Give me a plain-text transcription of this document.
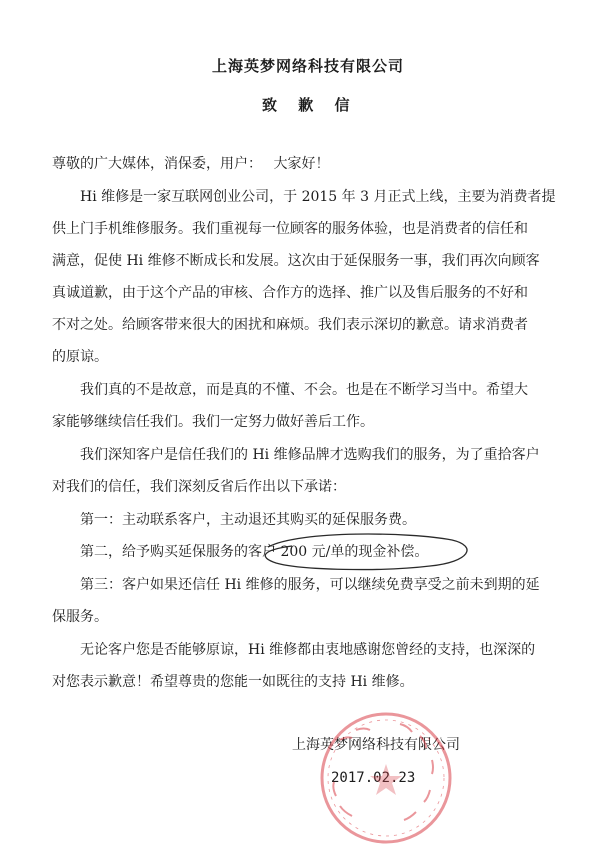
上海英梦网络科技有限公司
致 歉 信
尊敬的广大媒体，消保委，用户：　 大家好！
Hi 维修是一家互联网创业公司，于 2015 年 3 月正式上线，主要为消费者提
供上门手机维修服务。我们重视每一位顾客的服务体验，也是消费者的信任和
满意，促使 Hi 维修不断成长和发展。这次由于延保服务一事，我们再次向顾客
真诚道歉，由于这个产品的审核、合作方的选择、推广以及售后服务的不好和
不对之处。给顾客带来很大的困扰和麻烦。我们表示深切的歉意。请求消费者
的原谅。
我们真的不是故意，而是真的不懂、不会。也是在不断学习当中。希望大
家能够继续信任我们。我们一定努力做好善后工作。
我们深知客户是信任我们的 Hi 维修品牌才选购我们的服务，为了重拾客户
对我们的信任，我们深刻反省后作出以下承诺：
第一：主动联系客户，主动退还其购买的延保服务费。
第二，给予购买延保服务的客户 200 元/单的现金补偿。
第三：客户如果还信任 Hi 维修的服务，可以继续免费享受之前未到期的延
保服务。
无论客户您是否能够原谅，Hi 维修都由衷地感谢您曾经的支持，也深深的
对您表示歉意！希望尊贵的您能一如既往的支持 Hi 维修。
上海英梦网络科技有限公司
2017.02.23
